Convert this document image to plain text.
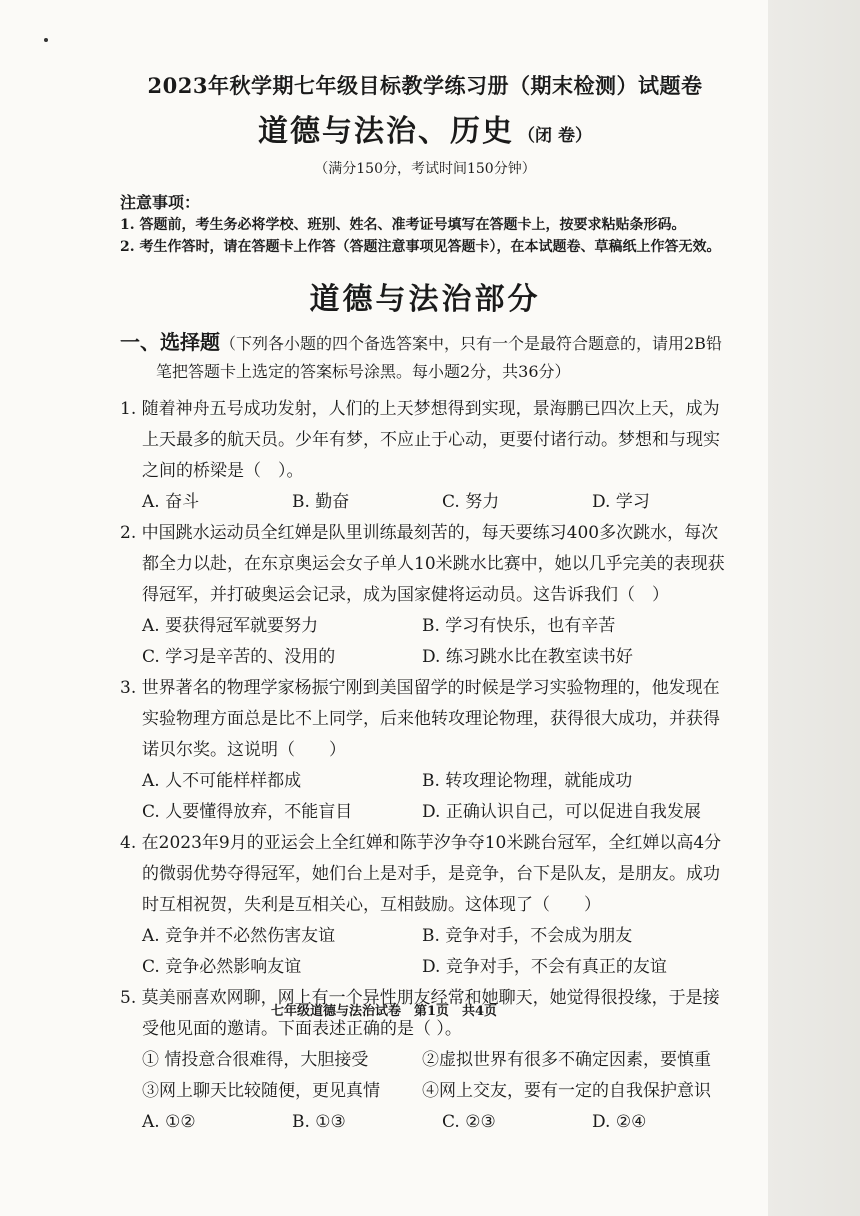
2023年秋学期七年级目标教学练习册（期末检测）试题卷
道德与法治、历史 （闭 卷）
（满分150分，考试时间150分钟）
注意事项：
1. 答题前，考生务必将学校、班别、姓名、准考证号填写在答题卡上，按要求粘贴条形码。
2. 考生作答时，请在答题卡上作答（答题注意事项见答题卡），在本试题卷、草稿纸上作答无效。
道德与法治部分
一、选择题（下列各小题的四个备选答案中，只有一个是最符合题意的，请用2B铅笔把答题卡上选定的答案标号涂黑。每小题2分，共36分）
1. 随着神舟五号成功发射，人们的上天梦想得到实现，景海鹏已四次上天，成为上天最多的航天员。少年有梦，不应止于心动，更要付诸行动。梦想和与现实之间的桥梁是（　）。
A. 奋斗	B. 勤奋	C. 努力	D. 学习
2. 中国跳水运动员全红婵是队里训练最刻苦的，每天要练习400多次跳水，每次都全力以赴，在东京奥运会女子单人10米跳水比赛中，她以几乎完美的表现获得冠军，并打破奥运会记录，成为国家健将运动员。这告诉我们（　）
A. 要获得冠军就要努力	B. 学习有快乐，也有辛苦
C. 学习是辛苦的、没用的	D. 练习跳水比在教室读书好
3. 世界著名的物理学家杨振宁刚到美国留学的时候是学习实验物理的，他发现在实验物理方面总是比不上同学，后来他转攻理论物理，获得很大成功，并获得诺贝尔奖。这说明（　　）
A. 人不可能样样都成	B. 转攻理论物理，就能成功
C. 人要懂得放弃，不能盲目	D. 正确认识自己，可以促进自我发展
4. 在2023年9月的亚运会上全红婵和陈芋汐争夺10米跳台冠军，全红婵以高4分的微弱优势夺得冠军，她们台上是对手，是竞争，台下是队友，是朋友。成功时互相祝贺，失利是互相关心，互相鼓励。这体现了（　　）
A. 竞争并不必然伤害友谊	B. 竞争对手，不会成为朋友
C. 竞争必然影响友谊	D. 竞争对手，不会有真正的友谊
5. 莫美丽喜欢网聊，网上有一个异性朋友经常和她聊天，她觉得很投缘，于是接受他见面的邀请。下面表述正确的是（ ）。
① 情投意合很难得，大胆接受	②虚拟世界有很多不确定因素，要慎重
③网上聊天比较随便，更见真情	④网上交友，要有一定的自我保护意识
A. ①②	B. ①③	C. ②③	D. ②④
七年级道德与法治试卷　第1页　共4页
